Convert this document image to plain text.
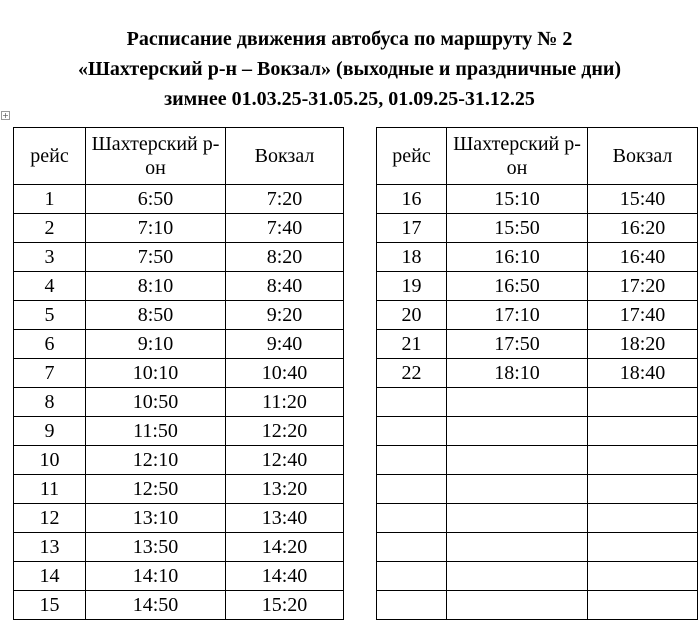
Расписание движения автобуса по маршруту № 2
«Шахтерский р-н – Вокзал» (выходные и праздничные дни)
зимнее 01.03.25-31.05.25, 01.09.25-31.12.25
+
рейс	Шахтерский р-он	Вокзал		рейс	Шахтерский р-он	Вокзал
1	6:50	7:20		16	15:10	15:40
2	7:10	7:40		17	15:50	16:20
3	7:50	8:20		18	16:10	16:40
4	8:10	8:40		19	16:50	17:20
5	8:50	9:20		20	17:10	17:40
6	9:10	9:40		21	17:50	18:20
7	10:10	10:40		22	18:10	18:40
8	10:50	11:20				
9	11:50	12:20				
10	12:10	12:40				
11	12:50	13:20				
12	13:10	13:40				
13	13:50	14:20				
14	14:10	14:40				
15	14:50	15:20				
